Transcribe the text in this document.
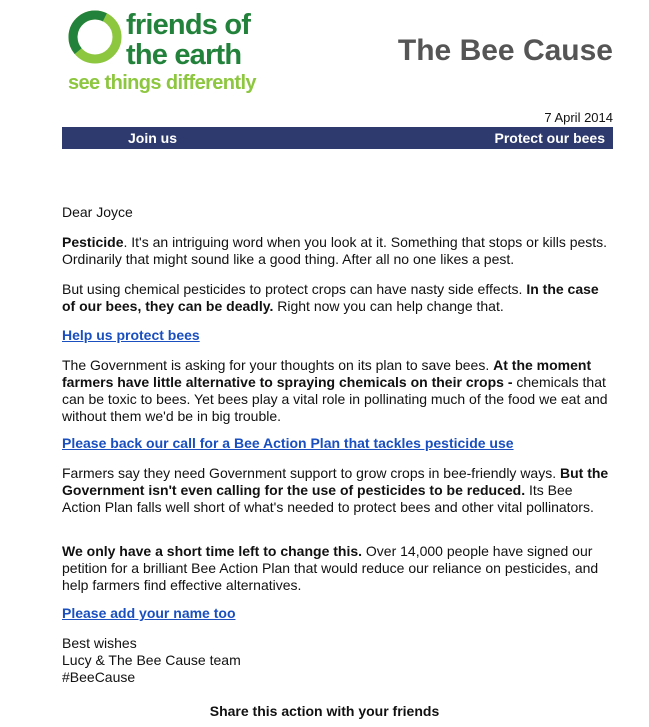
friends of
the earth
see things differently
The Bee Cause
7 April 2014
Join us	Protect our bees

Dear Joyce

Pesticide. It's an intriguing word when you look at it. Something that stops or kills pests. Ordinarily that might sound like a good thing. After all no one likes a pest.

But using chemical pesticides to protect crops can have nasty side effects. In the case of our bees, they can be deadly. Right now you can help change that.

Help us protect bees

The Government is asking for your thoughts on its plan to save bees. At the moment farmers have little alternative to spraying chemicals on their crops - chemicals that can be toxic to bees. Yet bees play a vital role in pollinating much of the food we eat and without them we'd be in big trouble.

Please back our call for a Bee Action Plan that tackles pesticide use

Farmers say they need Government support to grow crops in bee-friendly ways. But the Government isn't even calling for the use of pesticides to be reduced. Its Bee Action Plan falls well short of what's needed to protect bees and other vital pollinators.

We only have a short time left to change this. Over 14,000 people have signed our petition for a brilliant Bee Action Plan that would reduce our reliance on pesticides, and help farmers find effective alternatives.

Please add your name too

Best wishes
Lucy & The Bee Cause team
#BeeCause

Share this action with your friends
